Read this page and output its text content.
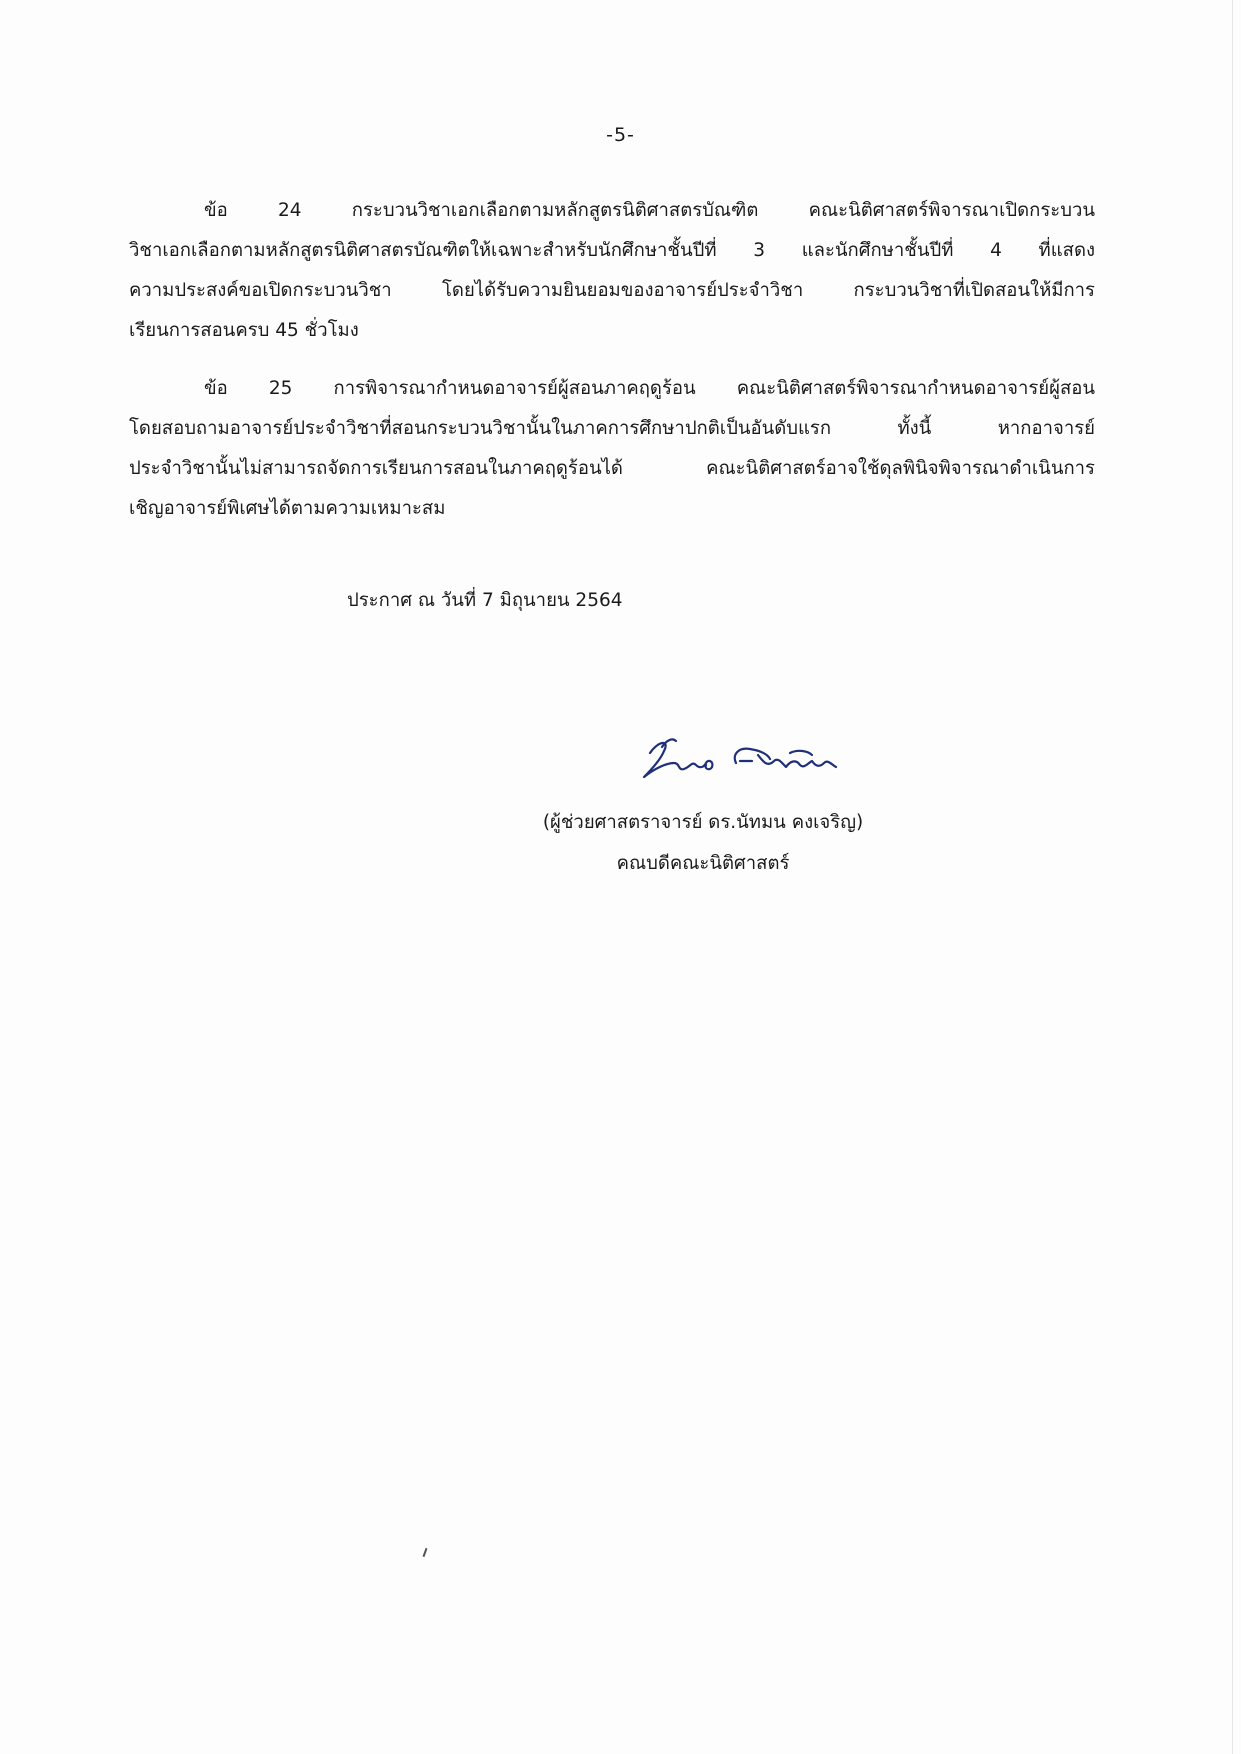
-5-

ข้อ 24 กระบวนวิชาเอกเลือกตามหลักสูตรนิติศาสตรบัณฑิต คณะนิติศาสตร์พิจารณาเปิดกระบวน
วิชาเอกเลือกตามหลักสูตรนิติศาสตรบัณฑิตให้เฉพาะสำหรับนักศึกษาชั้นปีที่ 3 และนักศึกษาชั้นปีที่ 4 ที่แสดง
ความประสงค์ขอเปิดกระบวนวิชา โดยได้รับความยินยอมของอาจารย์ประจำวิชา กระบวนวิชาที่เปิดสอนให้มีการ
เรียนการสอนครบ 45 ชั่วโมง

ข้อ 25 การพิจารณากำหนดอาจารย์ผู้สอนภาคฤดูร้อน คณะนิติศาสตร์พิจารณากำหนดอาจารย์ผู้สอน
โดยสอบถามอาจารย์ประจำวิชาที่สอนกระบวนวิชานั้นในภาคการศึกษาปกติเป็นอันดับแรก ทั้งนี้ หากอาจารย์
ประจำวิชานั้นไม่สามารถจัดการเรียนการสอนในภาคฤดูร้อนได้ คณะนิติศาสตร์อาจใช้ดุลพินิจพิจารณาดำเนินการ
เชิญอาจารย์พิเศษได้ตามความเหมาะสม

ประกาศ ณ วันที่ 7 มิถุนายน 2564
(ผู้ช่วยศาสตราจารย์ ดร.นัทมน คงเจริญ)
คณบดีคณะนิติศาสตร์
